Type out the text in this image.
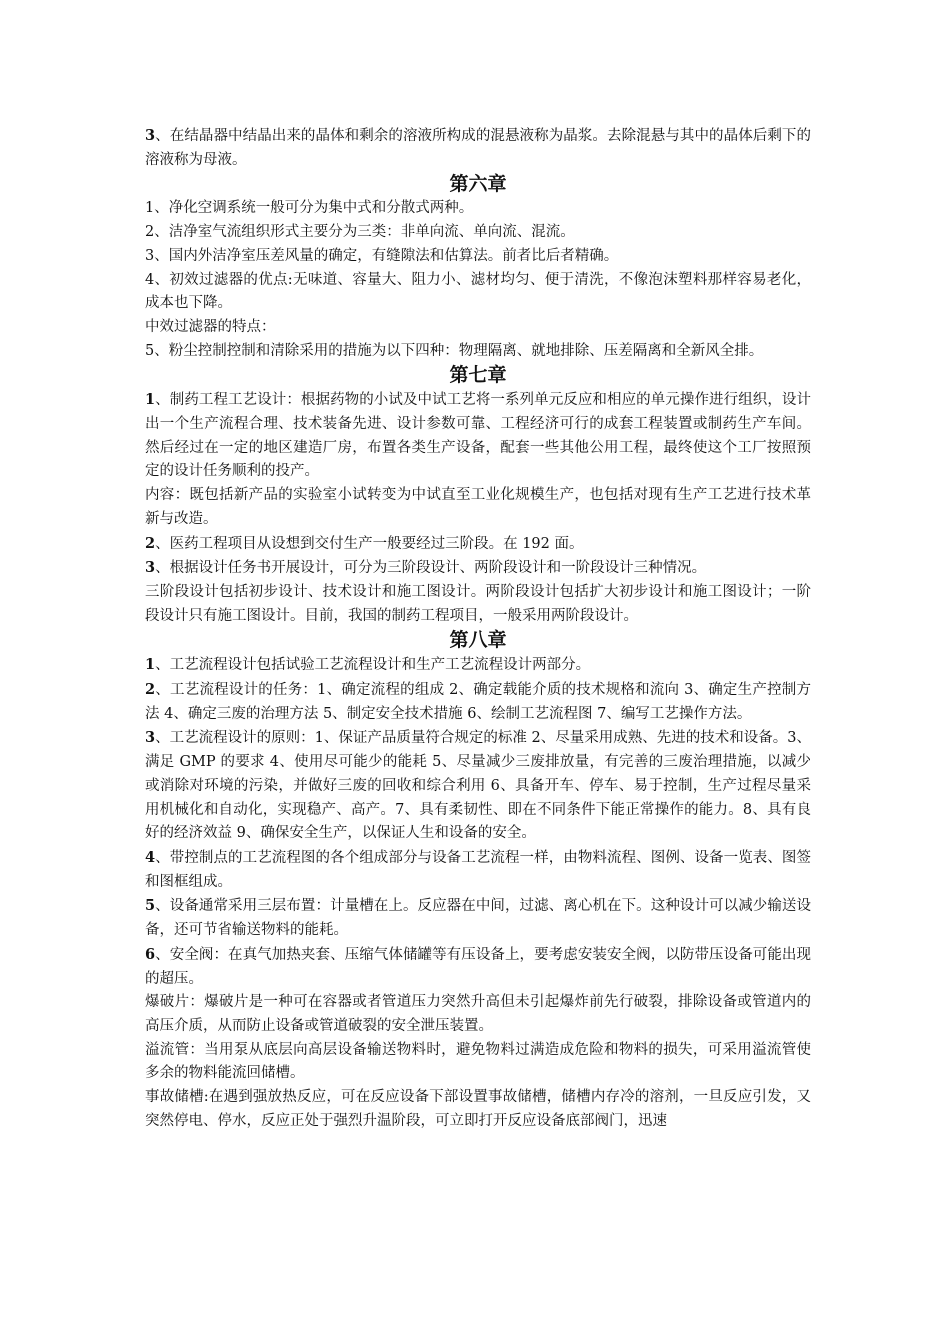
3、在结晶器中结晶出来的晶体和剩余的溶液所构成的混悬液称为晶浆。去除混悬与其中的晶体后剩下的溶液称为母液。

第六章

1、净化空调系统一般可分为集中式和分散式两种。

2、洁净室气流组织形式主要分为三类：非单向流、单向流、混流。

3、国内外洁净室压差风量的确定，有缝隙法和估算法。前者比后者精确。

4、初效过滤器的优点:无味道、容量大、阻力小、滤材均匀、便于清洗，不像泡沫塑料那样容易老化，成本也下降。

中效过滤器的特点：

5、粉尘控制控制和清除采用的措施为以下四种：物理隔离、就地排除、压差隔离和全新风全排。

第七章

1、制药工程工艺设计：根据药物的小试及中试工艺将一系列单元反应和相应的单元操作进行组织，设计出一个生产流程合理、技术装备先进、设计参数可靠、工程经济可行的成套工程装置或制药生产车间。然后经过在一定的地区建造厂房，布置各类生产设备，配套一些其他公用工程，最终使这个工厂按照预定的设计任务顺利的投产。

内容：既包括新产品的实验室小试转变为中试直至工业化规模生产，也包括对现有生产工艺进行技术革新与改造。

2、医药工程项目从设想到交付生产一般要经过三阶段。在 192 面。

3、根据设计任务书开展设计，可分为三阶段设计、两阶段设计和一阶段设计三种情况。

三阶段设计包括初步设计、技术设计和施工图设计。两阶段设计包括扩大初步设计和施工图设计；一阶段设计只有施工图设计。目前，我国的制药工程项目，一般采用两阶段设计。

第八章

1、工艺流程设计包括试验工艺流程设计和生产工艺流程设计两部分。

2、工艺流程设计的任务：1、确定流程的组成 2、确定载能介质的技术规格和流向 3、确定生产控制方法 4、确定三废的治理方法 5、制定安全技术措施 6、绘制工艺流程图 7、编写工艺操作方法。

3、工艺流程设计的原则：1、保证产品质量符合规定的标准 2、尽量采用成熟、先进的技术和设备。3、满足 GMP 的要求 4、使用尽可能少的能耗 5、尽量减少三废排放量，有完善的三废治理措施，以减少或消除对环境的污染，并做好三废的回收和综合利用 6、具备开车、停车、易于控制，生产过程尽量采用机械化和自动化，实现稳产、高产。7、具有柔韧性、即在不同条件下能正常操作的能力。8、具有良好的经济效益 9、确保安全生产，以保证人生和设备的安全。

4、带控制点的工艺流程图的各个组成部分与设备工艺流程一样，由物料流程、图例、设备一览表、图签和图框组成。

5、设备通常采用三层布置：计量槽在上。反应器在中间，过滤、离心机在下。这种设计可以减少输送设备，还可节省输送物料的能耗。

6、安全阀：在真气加热夹套、压缩气体储罐等有压设备上，要考虑安装安全阀，以防带压设备可能出现的超压。

爆破片：爆破片是一种可在容器或者管道压力突然升高但未引起爆炸前先行破裂，排除设备或管道内的高压介质，从而防止设备或管道破裂的安全泄压装置。

溢流管：当用泵从底层向高层设备输送物料时，避免物料过满造成危险和物料的损失，可采用溢流管使多余的物料能流回储槽。

事故储槽:在遇到强放热反应，可在反应设备下部设置事故储槽，储槽内存冷的溶剂，一旦反应引发，又突然停电、停水，反应正处于强烈升温阶段，可立即打开反应设备底部阀门，迅速
